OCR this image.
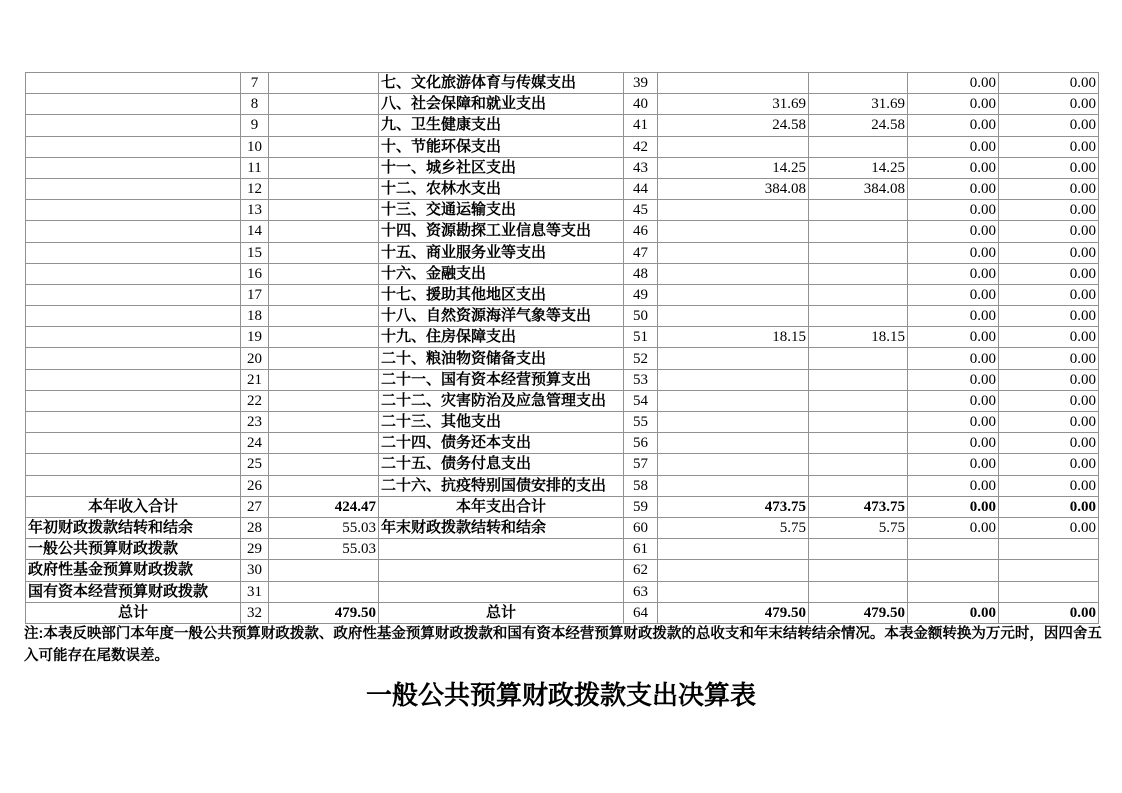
	7		七、文化旅游体育与传媒支出	39			0.00	0.00
	8		八、社会保障和就业支出	40	31.69	31.69	0.00	0.00
	9		九、卫生健康支出	41	24.58	24.58	0.00	0.00
	10		十、节能环保支出	42			0.00	0.00
	11		十一、城乡社区支出	43	14.25	14.25	0.00	0.00
	12		十二、农林水支出	44	384.08	384.08	0.00	0.00
	13		十三、交通运输支出	45			0.00	0.00
	14		十四、资源勘探工业信息等支出	46			0.00	0.00
	15		十五、商业服务业等支出	47			0.00	0.00
	16		十六、金融支出	48			0.00	0.00
	17		十七、援助其他地区支出	49			0.00	0.00
	18		十八、自然资源海洋气象等支出	50			0.00	0.00
	19		十九、住房保障支出	51	18.15	18.15	0.00	0.00
	20		二十、粮油物资储备支出	52			0.00	0.00
	21		二十一、国有资本经营预算支出	53			0.00	0.00
	22		二十二、灾害防治及应急管理支出	54			0.00	0.00
	23		二十三、其他支出	55			0.00	0.00
	24		二十四、债务还本支出	56			0.00	0.00
	25		二十五、债务付息支出	57			0.00	0.00
	26		二十六、抗疫特别国债安排的支出	58			0.00	0.00
本年收入合计	27	424.47	本年支出合计	59	473.75	473.75	0.00	0.00
年初财政拨款结转和结余	28	55.03	年末财政拨款结转和结余	60	5.75	5.75	0.00	0.00
一般公共预算财政拨款	29	55.03		61				
政府性基金预算财政拨款	30			62				
国有资本经营预算财政拨款	31			63				
总计	32	479.50	总计	64	479.50	479.50	0.00	0.00
注:本表反映部门本年度一般公共预算财政拨款、政府性基金预算财政拨款和国有资本经营预算财政拨款的总收支和年末结转结余情况。本表金额转换为万元时，因四舍五入可能存在尾数误差。
一般公共预算财政拨款支出决算表
